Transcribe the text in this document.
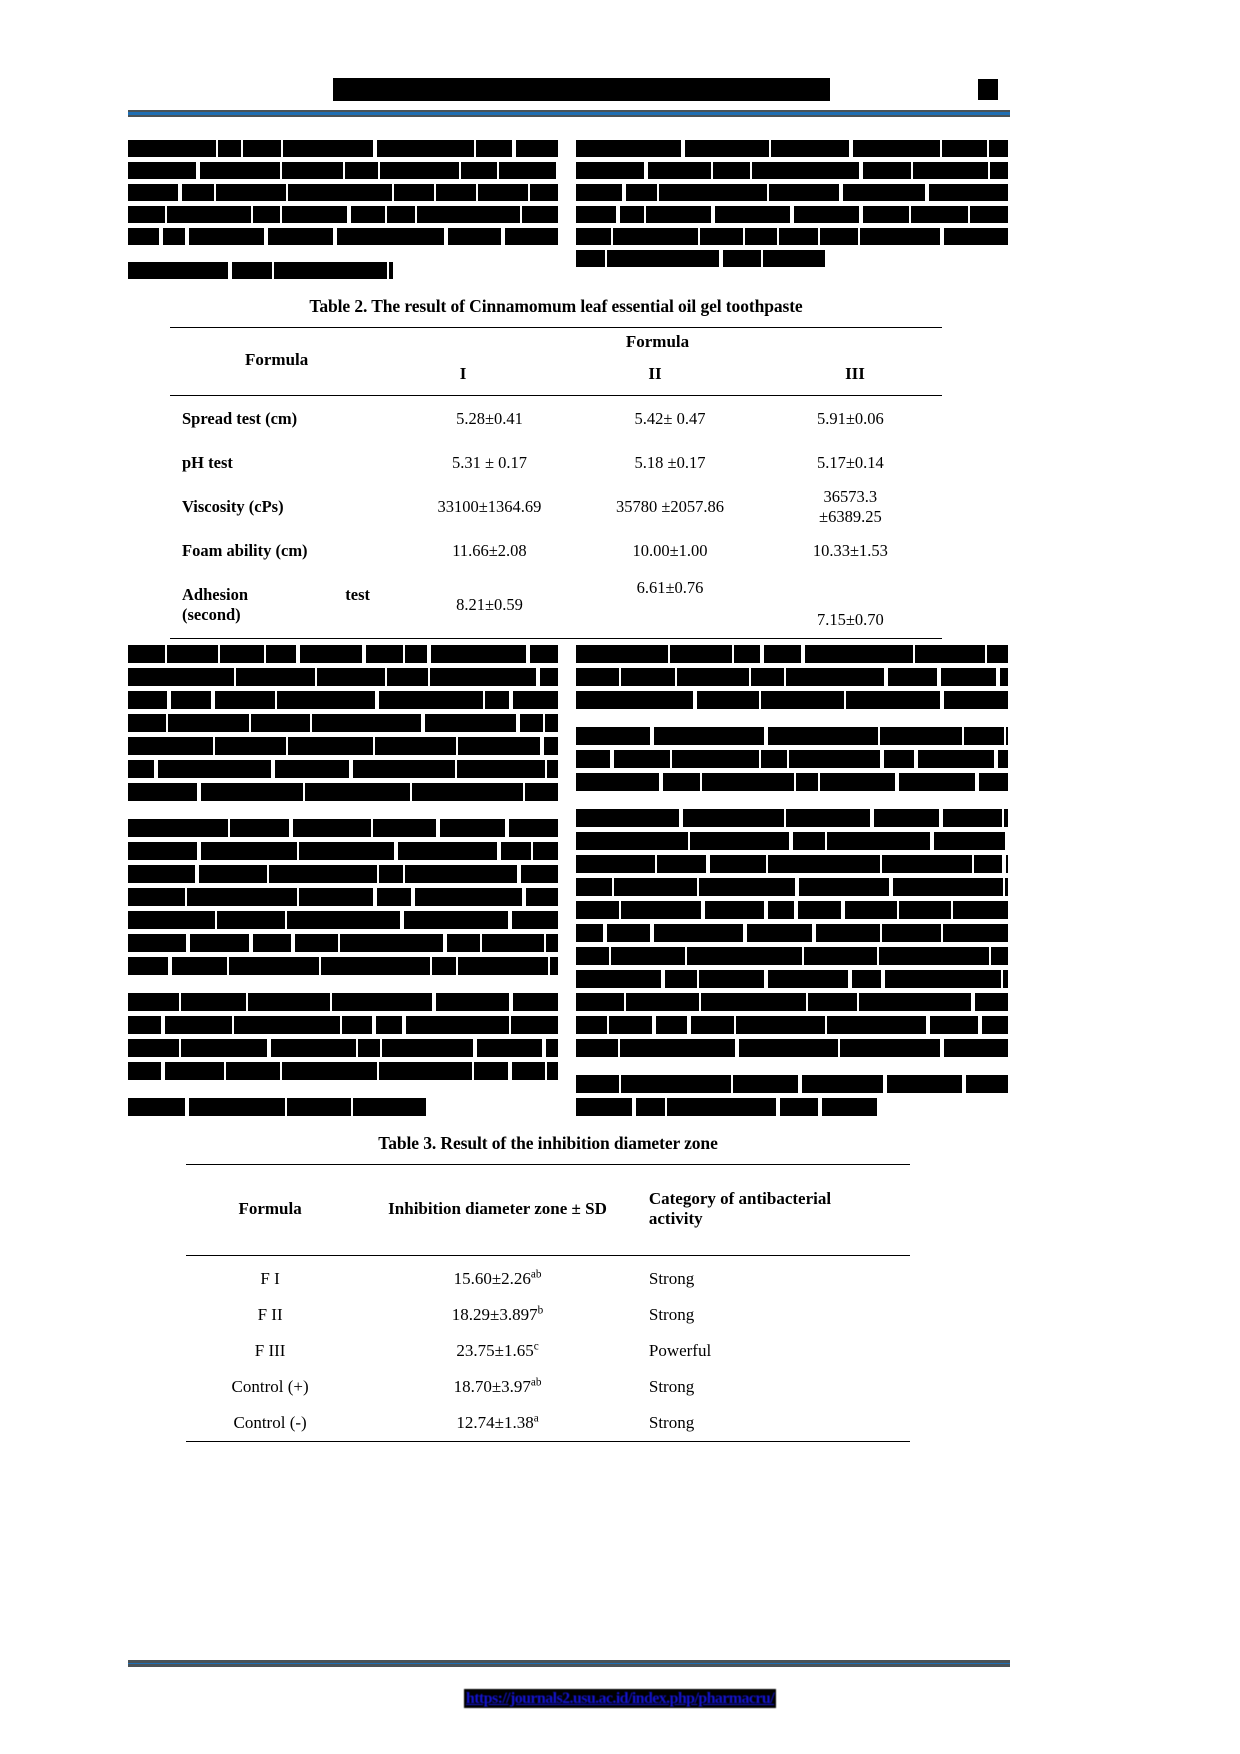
Table 2. The result of Cinnamomum leaf essential oil gel toothpaste
Formula
Formula
I	II	III
Spread test (cm)	5.28±0.41	5.42± 0.47	5.91±0.06
pH test	5.31 ± 0.17	5.18 ±0.17	5.17±0.14
Viscosity (cPs)	33100±1364.69	35780 ±2057.86	36573.3
±6389.25

Foam ability (cm)	11.66±2.08	10.00±1.00	10.33±1.53

Adhesion test
(second)	8.21±0.59	6.61±0.76	7.15±0.70
Table 3. Result of the inhibition diameter zone
Formula	Inhibition diameter zone ± SD	Category of antibacterial
activity

F I	15.60±2.26$^{ab}$	Strong
F II	18.29±3.897$^b$	Strong
F III	23.75±1.65$^c$	Powerful
Control (+)	18.70±3.97$^{ab}$	Strong
Control (-)	12.74±1.38$^a$	Strong
https://journals2.usu.ac.id/index.php/pharmacru/
